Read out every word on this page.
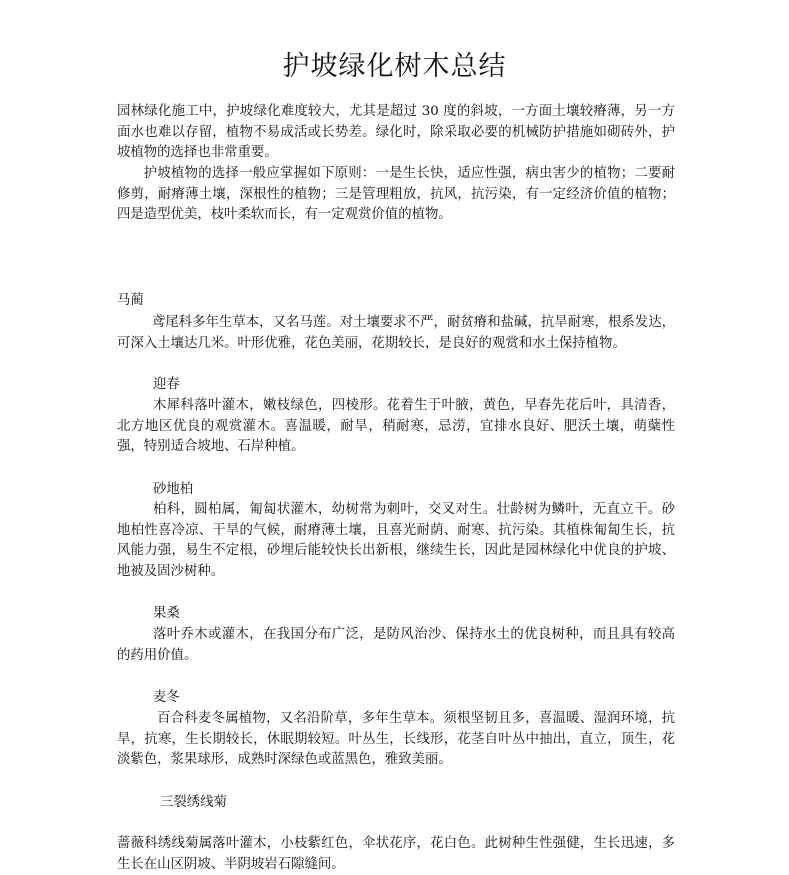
护坡绿化树木总结

园林绿化施工中，护坡绿化难度较大，尤其是超过 30 度的斜坡，一方面土壤较瘠薄，另一方面水也难以存留，植物不易成活或长势差。绿化时，除采取必要的机械防护措施如砌砖外，护坡植物的选择也非常重要。

护坡植物的选择一般应掌握如下原则：一是生长快，适应性强，病虫害少的植物；二要耐修剪，耐瘠薄土壤，深根性的植物；三是管理粗放，抗风，抗污染，有一定经济价值的植物；四是造型优美，枝叶柔软而长，有一定观赏价值的植物。

马蔺

鸢尾科多年生草本，又名马莲。对土壤要求不严，耐贫瘠和盐碱，抗旱耐寒，根系发达，可深入土壤达几米。叶形优雅，花色美丽，花期较长，是良好的观赏和水土保持植物。

迎春

木犀科落叶灌木，嫩枝绿色，四棱形。花着生于叶腋，黄色，早春先花后叶，具清香，北方地区优良的观赏灌木。喜温暖，耐旱，稍耐寒，忌涝，宜排水良好、肥沃土壤，萌蘖性强，特别适合坡地、石岸种植。

砂地柏

柏科，圆柏属，匍匐状灌木，幼树常为刺叶，交叉对生。壮龄树为鳞叶，无直立干。砂地柏性喜冷凉、干旱的气候，耐瘠薄土壤，且喜光耐荫、耐寒、抗污染。其植株匍匐生长，抗风能力强，易生不定根，砂埋后能较快长出新根，继续生长，因此是园林绿化中优良的护坡、地被及固沙树种。

果桑

落叶乔木或灌木，在我国分布广泛，是防风治沙、保持水土的优良树种，而且具有较高的药用价值。

麦冬

百合科麦冬属植物，又名沿阶草，多年生草本。须根坚韧且多，喜温暖、湿润环境，抗旱，抗寒，生长期较长，休眠期较短。叶丛生，长线形，花茎自叶丛中抽出，直立，顶生，花淡紫色，浆果球形，成熟时深绿色或蓝黑色，雅致美丽。

三裂绣线菊

蔷薇科绣线菊属落叶灌木，小枝紫红色，伞状花序，花白色。此树种生性强健，生长迅速，多生长在山区阴坡、半阴坡岩石隙缝间。
